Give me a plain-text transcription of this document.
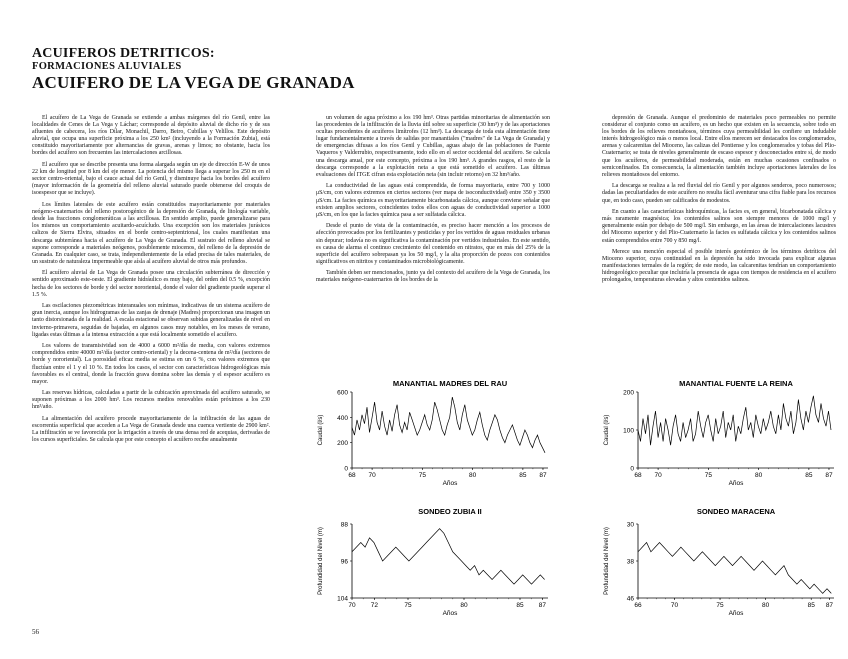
ACUIFEROS DETRITICOS:
FORMACIONES ALUVIALES
ACUIFERO DE LA VEGA DE GRANADA

El acuífero de La Vega de Granada se extiende a ambas márgenes del río Genil, entre las localidades de Cenes de La Vega y Láchar; corresponde al depósito aluvial de dicho río y de sus afluentes de cabecera, los ríos Dílar, Monachil, Darro, Beiro, Cubillas y Velillos. Este depósito aluvial, que ocupa una superficie próxima a los 250 km² (incluyendo a la Formación Zubia), está constituido mayoritariamente por alternancias de gravas, arenas y limos; no obstante, hacia los bordes del acuífero son frecuentes las intercalaciones arcillosas.

El acuífero que se describe presenta una forma alargada según un eje de dirección E-W de unos 22 km de longitud por 8 km del eje menor. La potencia del mismo llega a superar los 250 m en el sector centro-oriental, bajo el cauce actual del río Genil, y disminuye hacia los bordes del acuífero (mayor información de la geometría del relleno aluvial saturado puede obtenerse del croquis de isoespesor que se incluye).

Los límites laterales de este acuífero están constituidos mayoritariamente por materiales neógeno-cuaternarios del relleno postorogénico de la depresión de Granada, de litología variable, desde las fracciones conglomeráticas a las arcillosas. En sentido amplio, puede generalizarse para los mismos un comportamiento acuitardo-acuícludo. Una excepción son los materiales jurásicos calizos de Sierra Elvira, situados en el borde centro-septentrional, los cuales manifiestan una descarga subterránea hacia el acuífero de La Vega de Granada. El sustrato del relleno aluvial se supone corresponde a materiales neógenos, posiblemente miocenos, del relleno de la depresión de Granada. En cualquier caso, se trata, independientemente de la edad precisa de tales materiales, de un sustrato de naturaleza impermeable que aísla al acuífero aluvial de otros más profundos.

El acuífero aluvial de La Vega de Granada posee una circulación subterránea de dirección y sentido aproximado este-oeste. El gradiente hidráulico es muy bajo, del orden del 0.5 %, excepción hecha de los sectores de borde y del sector nororiental, donde el valor del gradiente puede superar el 1.5 %.

Las oscilaciones piezométricas interanuales son mínimas, indicativas de un sistema acuífero de gran inercia, aunque los hidrogramas de las zanjas de drenaje (Madres) proporcionan una imagen un tanto distorsionada de la realidad. A escala estacional se observan subidas generalizadas de nivel en invierno-primavera, seguidas de bajadas, en algunos casos muy notables, en los meses de verano, ligadas estas últimas a la intensa extracción a que está localmente sometido el acuífero.

Los valores de transmisividad son de 4000 a 6000 m²/día de media, con valores extremos comprendidos entre 40000 m²/día (sector centro-oriental) y la decena-centena de m²/día (sectores de borde y nororiental). La porosidad eficaz media se estima en un 6 %, con valores extremos que fluctúan entre el 1 y el 10 %. En todos los casos, el sector con características hidrogeológicas más favorables es el central, donde la fracción grava domina sobre las demás y el espesor acuífero es mayor.

Las reservas hídricas, calculadas a partir de la cubicación aproximada del acuífero saturado, se suponen próximas a los 2000 hm³. Los recursos medios renovables están próximos a los 230 hm³/año.

La alimentación del acuífero procede mayoritariamente de la infiltración de las aguas de escorrentía superficial que acceden a La Vega de Granada desde una cuenca vertiente de 2900 km². La infiltración se ve favorecida por la irrigación a través de una densa red de acequias, derivadas de los cursos superficiales. Se calcula que por este concepto el acuífero recibe anualmente

un volumen de agua próximo a los 190 hm³. Otras partidas minoritarias de alimentación son las procedentes de la infiltración de la lluvia útil sobre su superficie (30 hm³) y de las aportaciones ocultas procedentes de acuíferos limítrofes (12 hm³). La descarga de toda esta alimentación tiene lugar fundamentalmente a través de salidas por manantiales ("madres" de La Vega de Granada) y de emergencias difusas a los ríos Genil y Cubillas, aguas abajo de las poblaciones de Fuente Vaqueros y Valderrubio, respectivamente, todo ello en el sector occidental del acuífero. Se calcula una descarga anual, por este concepto, próxima a los 190 hm³. A grandes rasgos, el resto de la descarga corresponde a la explotación neta a que está sometido el acuífero. Las últimas evaluaciones del ITGE cifran esta explotación neta (sin incluir retorno) en 32 hm³/año.

La conductividad de las aguas está comprendida, de forma mayoritaria, entre 700 y 1000 μS/cm, con valores extremos en ciertos sectores (ver mapa de isoconductividad) entre 350 y 3500 μS/cm. La facies química es mayoritariamente bicarbonatada cálcica, aunque conviene señalar que existen amplios sectores, coincidentes todos ellos con aguas de conductividad superior a 1000 μS/cm, en los que la facies química pasa a ser sulfatada cálcica.

Desde el punto de vista de la contaminación, es preciso hacer mención a los procesos de afección provocados por los fertilizantes y pesticidas y por los vertidos de aguas residuales urbanas sin depurar; todavía no es significativa la contaminación por vertidos industriales. En este sentido, es causa de alarma el continuo crecimiento del contenido en nitratos, que en más del 25% de la superficie del acuífero sobrepasan ya los 50 mg/l, y la alta proporción de pozos con contenidos significativos en nitritos y contaminados microbiológicamente.

También deben ser mencionados, junto ya del contexto del acuífero de la Vega de Granada, los materiales neógeno-cuaternarios de los bordes de la

depresión de Granada. Aunque el predominio de materiales poco permeables no permite considerar el conjunto como un acuífero, es un hecho que existen en la secuencia, sobre todo en los bordes de los relieves montañosos, términos cuya permeabilidad les confiere un indudable interés hidrogeológico más o menos local. Entre ellos merecen ser destacados los conglomerados, arenas y calcarenitas del Mioceno, las calizas del Pontiense y los conglomerados y tobas del Plio-Cuaternario; se trata de niveles generalmente de escaso espesor y desconectados entre sí, de modo que los acuíferos, de permeabilidad moderada, están en muchas ocasiones confinados o semiconfinados. En consecuencia, la alimentación también incluye aportaciones laterales de los relieves montañosos del entorno.

La descarga se realiza a la red fluvial del río Genil y por algunos senderos, poco numerosos; dadas las peculiaridades de este acuífero no resulta fácil aventurar una cifra fiable para los recursos que, en todo caso, pueden ser calificados de modestos.

En cuanto a las características hidroquímicas, la facies es, en general, bicarbonatada cálcica y más raramente magnésica; los contenidos salinos son siempre menores de 1000 mg/l y generalmente están por debajo de 500 mg/l. Sin embargo, en las áreas de intercalaciones lacustres del Mioceno superior y del Plio-Cuaternario la facies es sulfatada cálcica y los contenidos salinos están comprendidos entre 700 y 850 mg/l.

Merece una mención especial el posible interés geotérmico de los términos detríticos del Mioceno superior, cuya continuidad en la depresión ha sido invocada para explicar algunas manifestaciones termales de la región; de este modo, las calcarenitas tendrían un comportamiento hidrogeológico peculiar que incluiría la presencia de agua con tiempos de residencia en el acuífero prolongados, temperaturas elevadas y altos contenidos salinos.

MANANTIAL MADRES DEL RAU
0
200
400
600
68 70	75	80	85 87
Años
Caudal (l/s)
MANANTIAL FUENTE LA REINA
0
100
200
68 70	75	80	85 87
Años
Caudal (l/s)
SONDEO ZUBIA II
88
96
104
70 72	75	80	85 87
Años
Profundidad del Nivel (m)
SONDEO MARACENA
30
38
46
66	70	75	80	85 87
Años
Profundidad del Nivel (m)
56
